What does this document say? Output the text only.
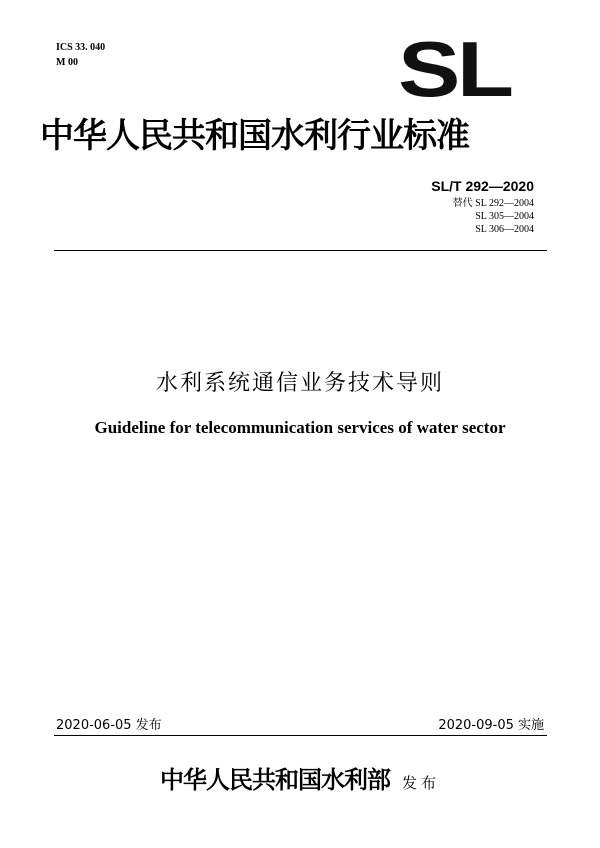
ICS 33. 040
M 00	SL
中华人民共和国水利行业标准
SL/T 292—2020
替代 SL 292—2004
SL 305—2004
SL 306—2004
水利系统通信业务技术导则
Guideline for telecommunication services of water sector
2020-06-05 发布	2020-09-05 实施
中华人民共和国水利部 发布
